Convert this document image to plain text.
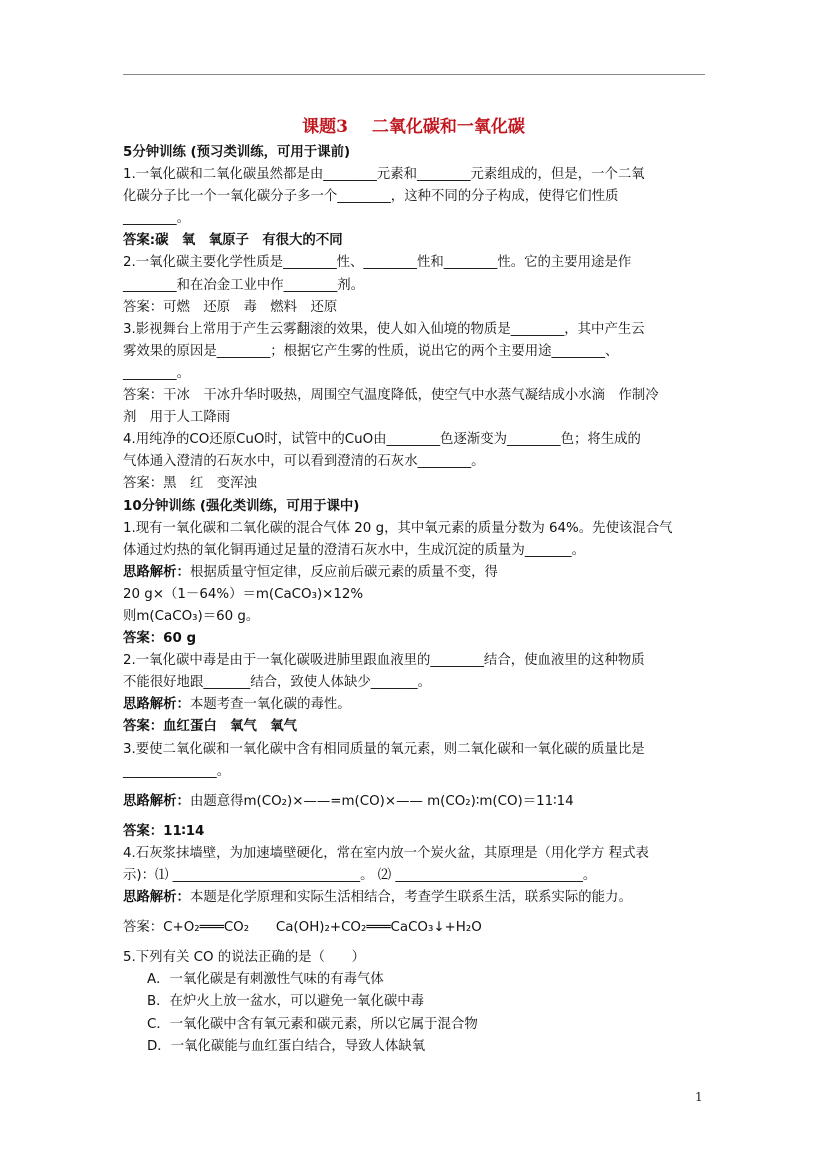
课题3 二氧化碳和一氧化碳

5分钟训练 (预习类训练，可用于课前)

1.一氧化碳和二氧化碳虽然都是由________元素和________元素组成的，但是，一个二氧

化碳分子比一个一氧化碳分子多一个________，这种不同的分子构成，使得它们性质

________。

答案:碳　氧　氧原子　有很大的不同

2.一氧化碳主要化学性质是________性、________性和________性。它的主要用途是作

________和在冶金工业中作________剂。

答案：可燃　还原　毒　燃料　还原

3.影视舞台上常用于产生云雾翻滚的效果，使人如入仙境的物质是________，其中产生云

雾效果的原因是________；根据它产生雾的性质，说出它的两个主要用途________、

________。

答案：干冰　干冰升华时吸热，周围空气温度降低，使空气中水蒸气凝结成小水滴　作制冷

剂　用于人工降雨

4.用纯净的CO还原CuO时，试管中的CuO由________色逐渐变为________色；将生成的

气体通入澄清的石灰水中，可以看到澄清的石灰水________。

答案：黑　红　变浑浊

10分钟训练 (强化类训练，可用于课中)

1.现有一氧化碳和二氧化碳的混合气体 20 g，其中氧元素的质量分数为 64%。先使该混合气

体通过灼热的氧化铜再通过足量的澄清石灰水中，生成沉淀的质量为_______。

思路解析：根据质量守恒定律，反应前后碳元素的质量不变，得

20 g×（1－64%）＝m(CaCO₃)×12%

则m(CaCO₃)＝60 g。

答案：60 g

2.一氧化碳中毒是由于一氧化碳吸进肺里跟血液里的________结合，使血液里的这种物质

不能很好地跟_______结合，致使人体缺少_______。

思路解析：本题考查一氧化碳的毒性。

答案：血红蛋白　氧气　氧气

3.要使二氧化碳和一氧化碳中含有相同质量的氧元素，则二氧化碳和一氧化碳的质量比是

______________。

思路解析：由题意得m(CO₂)×——=m(CO)×—— m(CO₂)∶m(CO)＝11∶14

答案：11∶14

4.石灰浆抹墙壁，为加速墙壁硬化，常在室内放一个炭火盆，其原理是（用化学方 程式表

示)：⑴ ____________________________。 ⑵ ____________________________。

思路解析：本题是化学原理和实际生活相结合，考查学生联系生活，联系实际的能力。

答案：C+O₂═══CO₂　　Ca(OH)₂+CO₂═══CaCO₃↓+H₂O

5.下列有关 CO 的说法正确的是（　　）

A．一氧化碳是有刺激性气味的有毒气体

B．在炉火上放一盆水，可以避免一氧化碳中毒

C．一氧化碳中含有氧元素和碳元素，所以它属于混合物

D．一氧化碳能与血红蛋白结合，导致人体缺氧

1
